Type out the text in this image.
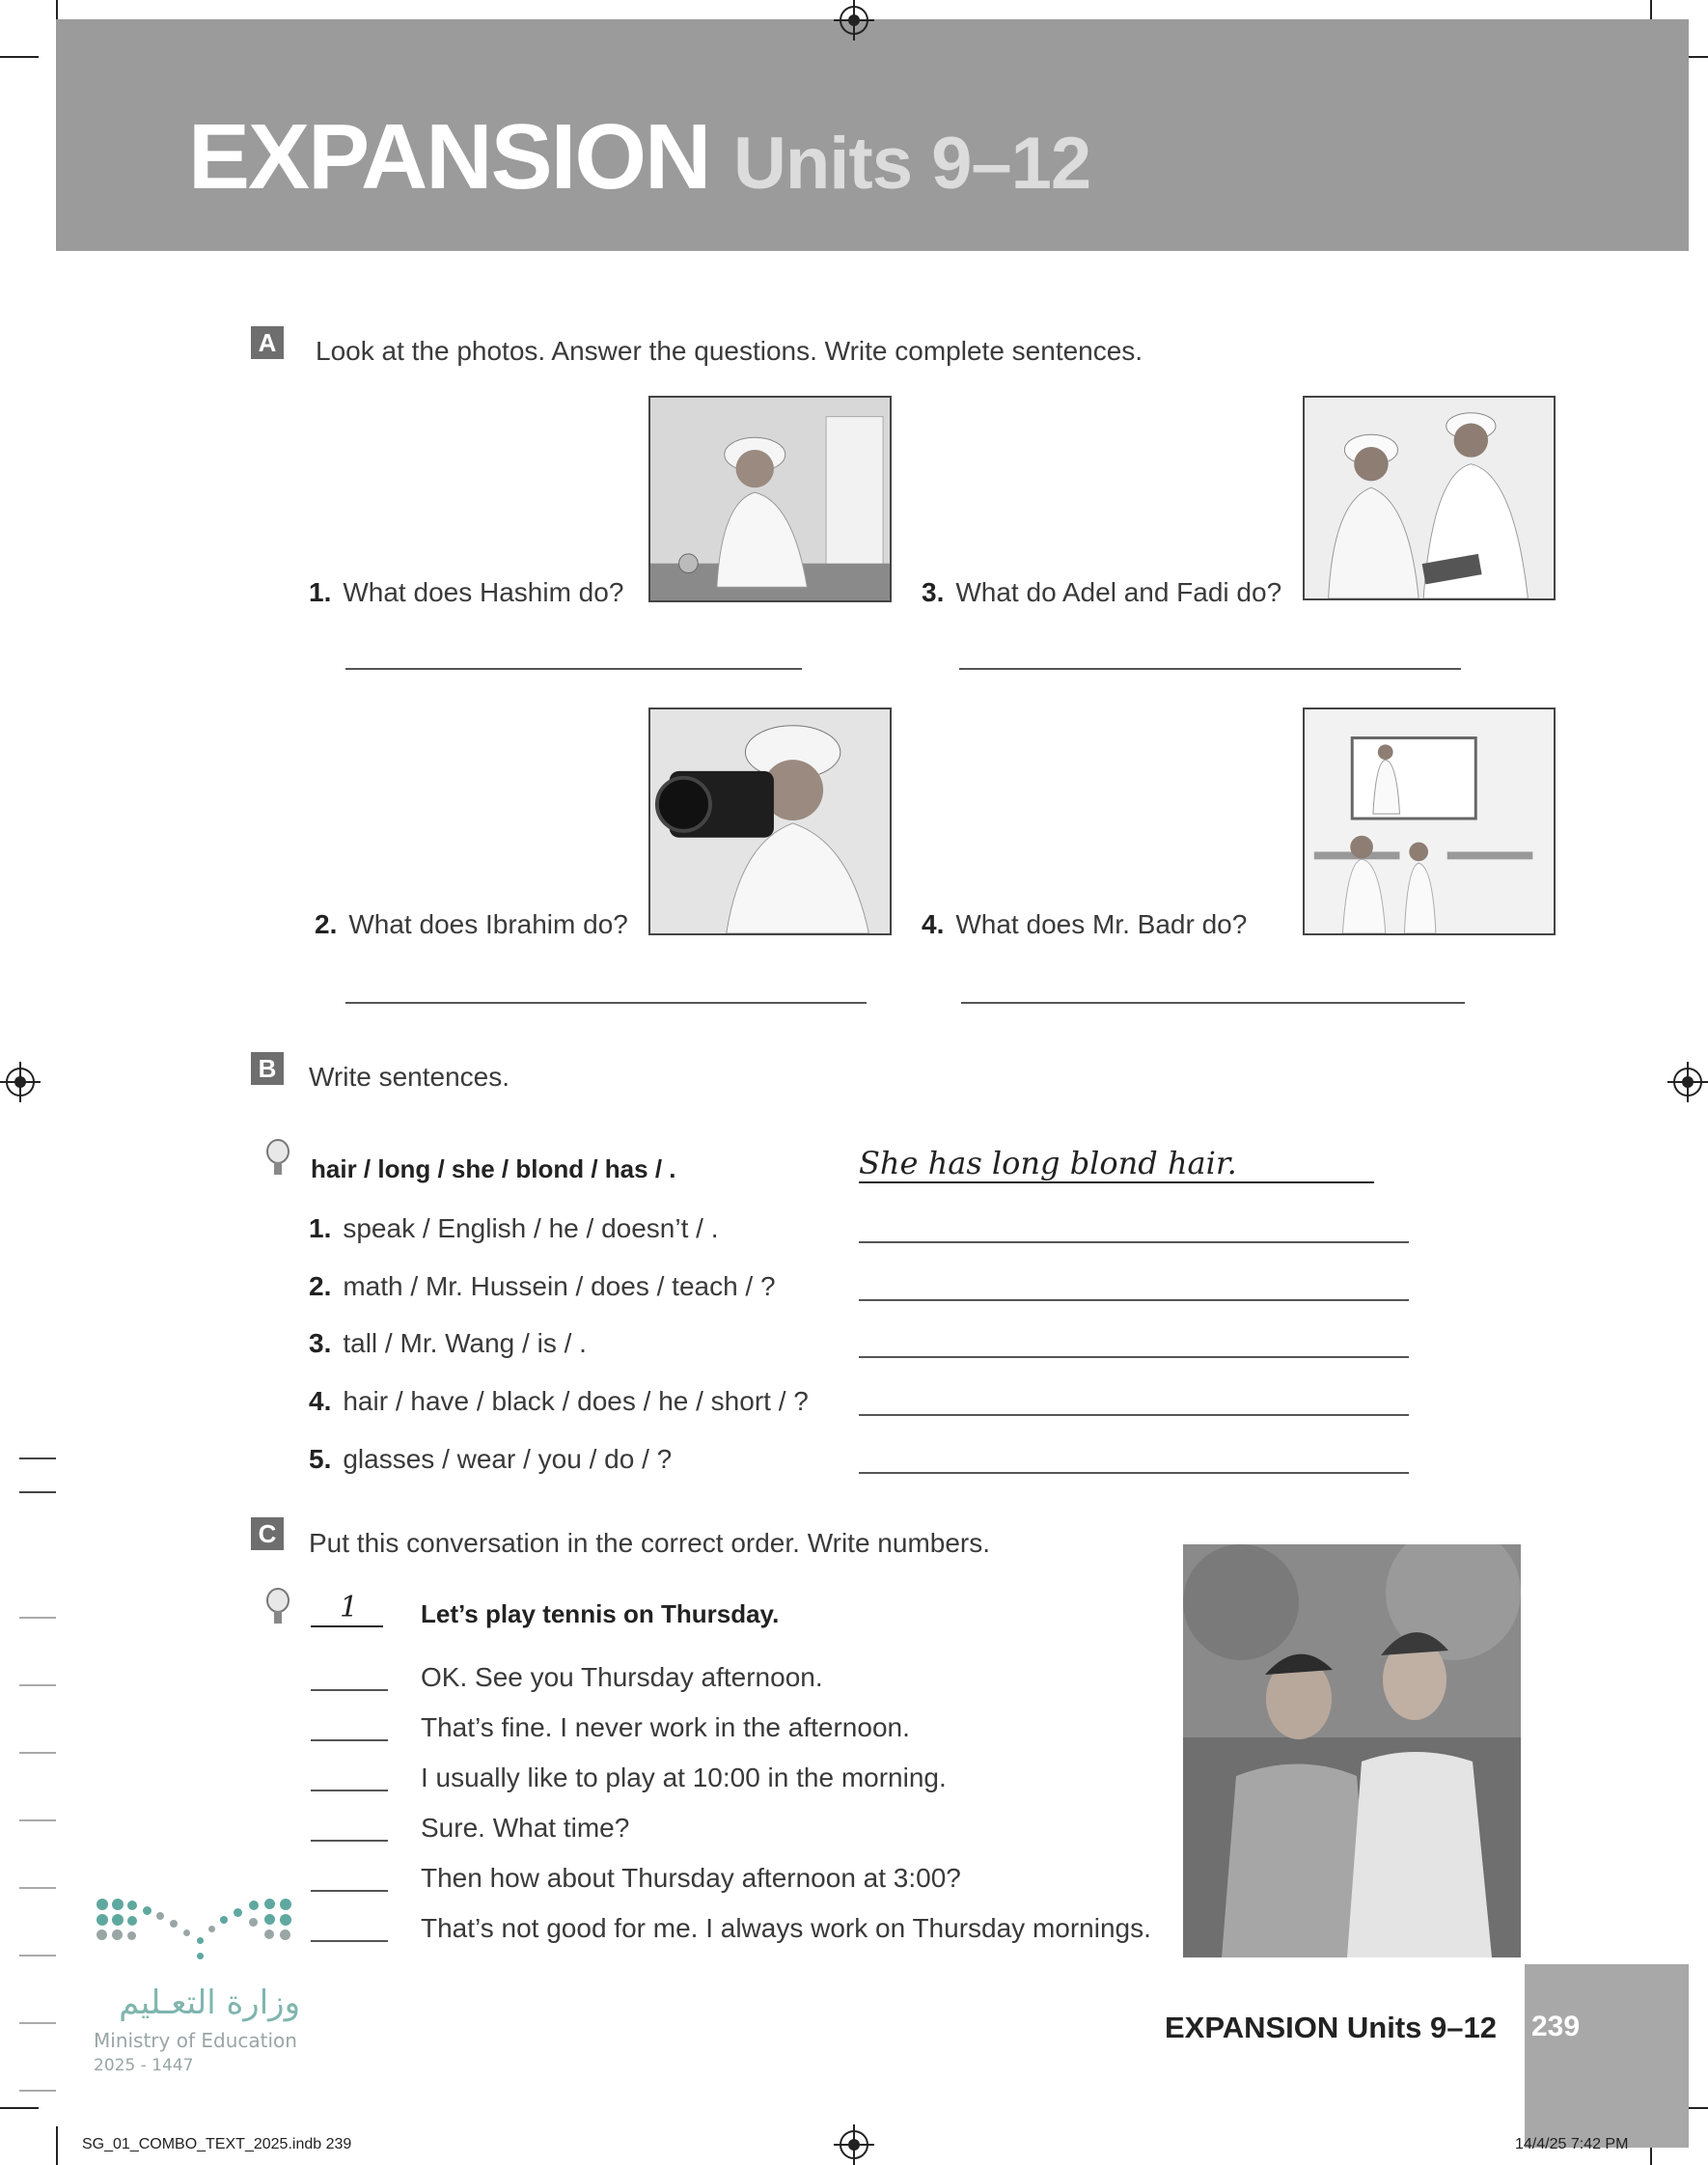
EXPANSION Units 9–12
A Look at the photos. Answer the questions. Write complete sentences.
1. What does Hashim do?	3. What do Adel and Fadi do?
2. What does Ibrahim do?	4. What does Mr. Badr do?
B Write sentences.
hair / long / she / blond / has / .	She has long blond hair.
1. speak / English / he / doesn’t / .
2. math / Mr. Hussein / does / teach / ?
3. tall / Mr. Wang / is / .
4. hair / have / black / does / he / short / ?
5. glasses / wear / you / do / ?
C Put this conversation in the correct order. Write numbers.
1 Let’s play tennis on Thursday.
OK. See you Thursday afternoon.
That’s fine. I never work in the afternoon.
I usually like to play at 10:00 in the morning.
Sure. What time?
Then how about Thursday afternoon at 3:00?
That’s not good for me. I always work on Thursday mornings.
وزارة التعـليم
Ministry of Education
2025 - 1447
EXPANSION Units 9–12 239
SG_01_COMBO_TEXT_2025.indb 239	14/4/25 7:42 PM
